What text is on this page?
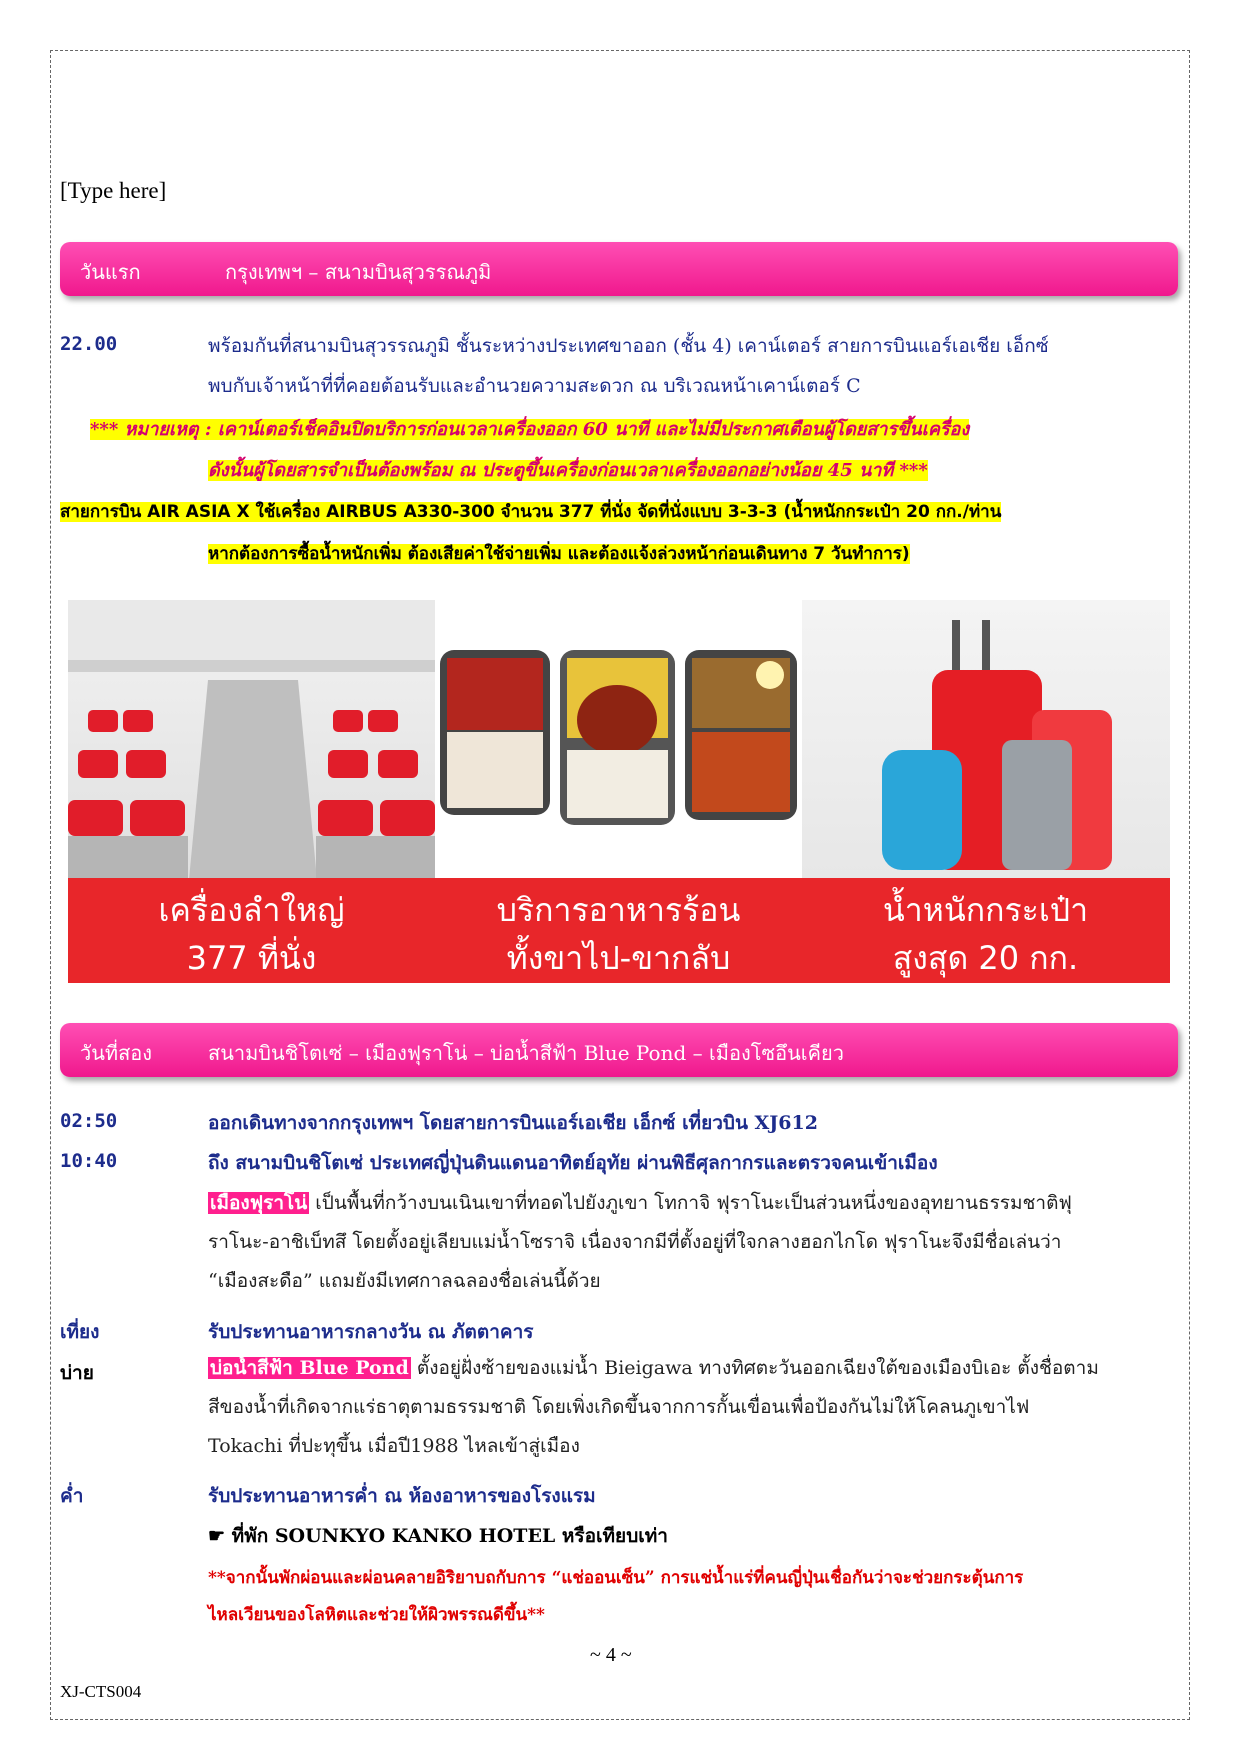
[Type here]
วันแรก	กรุงเทพฯ – สนามบินสุวรรณภูมิ
22.00	พร้อมกันที่สนามบินสุวรรณภูมิ ชั้นระหว่างประเทศขาออก (ชั้น 4) เคาน์เตอร์ สายการบินแอร์เอเชีย เอ็กซ์
พบกับเจ้าหน้าที่ที่คอยต้อนรับและอำนวยความสะดวก ณ บริเวณหน้าเคาน์เตอร์ C
*** หมายเหตุ : เคาน์เตอร์เช็คอินปิดบริการก่อนเวลาเครื่องออก 60 นาที และไม่มีประกาศเตือนผู้โดยสารขึ้นเครื่อง
ดังนั้นผู้โดยสารจำเป็นต้องพร้อม ณ ประตูขึ้นเครื่องก่อนเวลาเครื่องออกอย่างน้อย 45 นาที ***
สายการบิน AIR ASIA X ใช้เครื่อง AIRBUS A330-300 จำนวน 377 ที่นั่ง จัดที่นั่งแบบ 3-3-3 (น้ำหนักกระเป๋า 20 กก./ท่าน
หากต้องการซื้อน้ำหนักเพิ่ม ต้องเสียค่าใช้จ่ายเพิ่ม และต้องแจ้งล่วงหน้าก่อนเดินทาง 7 วันทำการ)
เครื่องลำใหญ่
377 ที่นั่ง
บริการอาหารร้อน
ทั้งขาไป-ขากลับ
น้ำหนักกระเป๋า
สูงสุด 20 กก.
วันที่สอง	สนามบินชิโตเซ่ – เมืองฟุราโน่ – บ่อน้ำสีฟ้า Blue Pond – เมืองโซอึนเคียว
02:50	ออกเดินทางจากกรุงเทพฯ โดยสายการบินแอร์เอเชีย เอ็กซ์ เที่ยวบิน XJ612
10:40	ถึง สนามบินชิโตเซ่ ประเทศญี่ปุ่นดินแดนอาทิตย์อุทัย ผ่านพิธีศุลกากรและตรวจคนเข้าเมือง
เมืองฟุราโน่ เป็นพื้นที่กว้างบนเนินเขาที่ทอดไปยังภูเขา โทกาจิ ฟุราโนะเป็นส่วนหนึ่งของอุทยานธรรมชาติฟุ
ราโนะ-อาชิเบ็ทสึ โดยตั้งอยู่เลียบแม่น้ำโซราจิ เนื่องจากมีที่ตั้งอยู่ที่ใจกลางฮอกไกโด ฟุราโนะจึงมีชื่อเล่นว่า
“เมืองสะดือ” แถมยังมีเทศกาลฉลองชื่อเล่นนี้ด้วย
เที่ยง	รับประทานอาหารกลางวัน ณ ภัตตาคาร
บ่าย	บ่อน้ำสีฟ้า Blue Pond ตั้งอยู่ฝั่งซ้ายของแม่น้ำ Bieigawa ทางทิศตะวันออกเฉียงใต้ของเมืองบิเอะ ตั้งชื่อตาม
สีของน้ำที่เกิดจากแร่ธาตุตามธรรมชาติ โดยเพิ่งเกิดขึ้นจากการกั้นเขื่อนเพื่อป้องกันไม่ให้โคลนภูเขาไฟ
Tokachi ที่ปะทุขึ้น เมื่อปี1988 ไหลเข้าสู่เมือง
ค่ำ	รับประทานอาหารค่ำ ณ ห้องอาหารของโรงแรม
☛ ที่พัก SOUNKYO KANKO HOTEL หรือเทียบเท่า
**จากนั้นพักผ่อนและผ่อนคลายอิริยาบถกับการ “แช่ออนเซ็น” การแช่น้ำแร่ที่คนญี่ปุ่นเชื่อกันว่าจะช่วยกระตุ้นการ
ไหลเวียนของโลหิตและช่วยให้ผิวพรรณดีขึ้น**
~ 4 ~
XJ-CTS004
